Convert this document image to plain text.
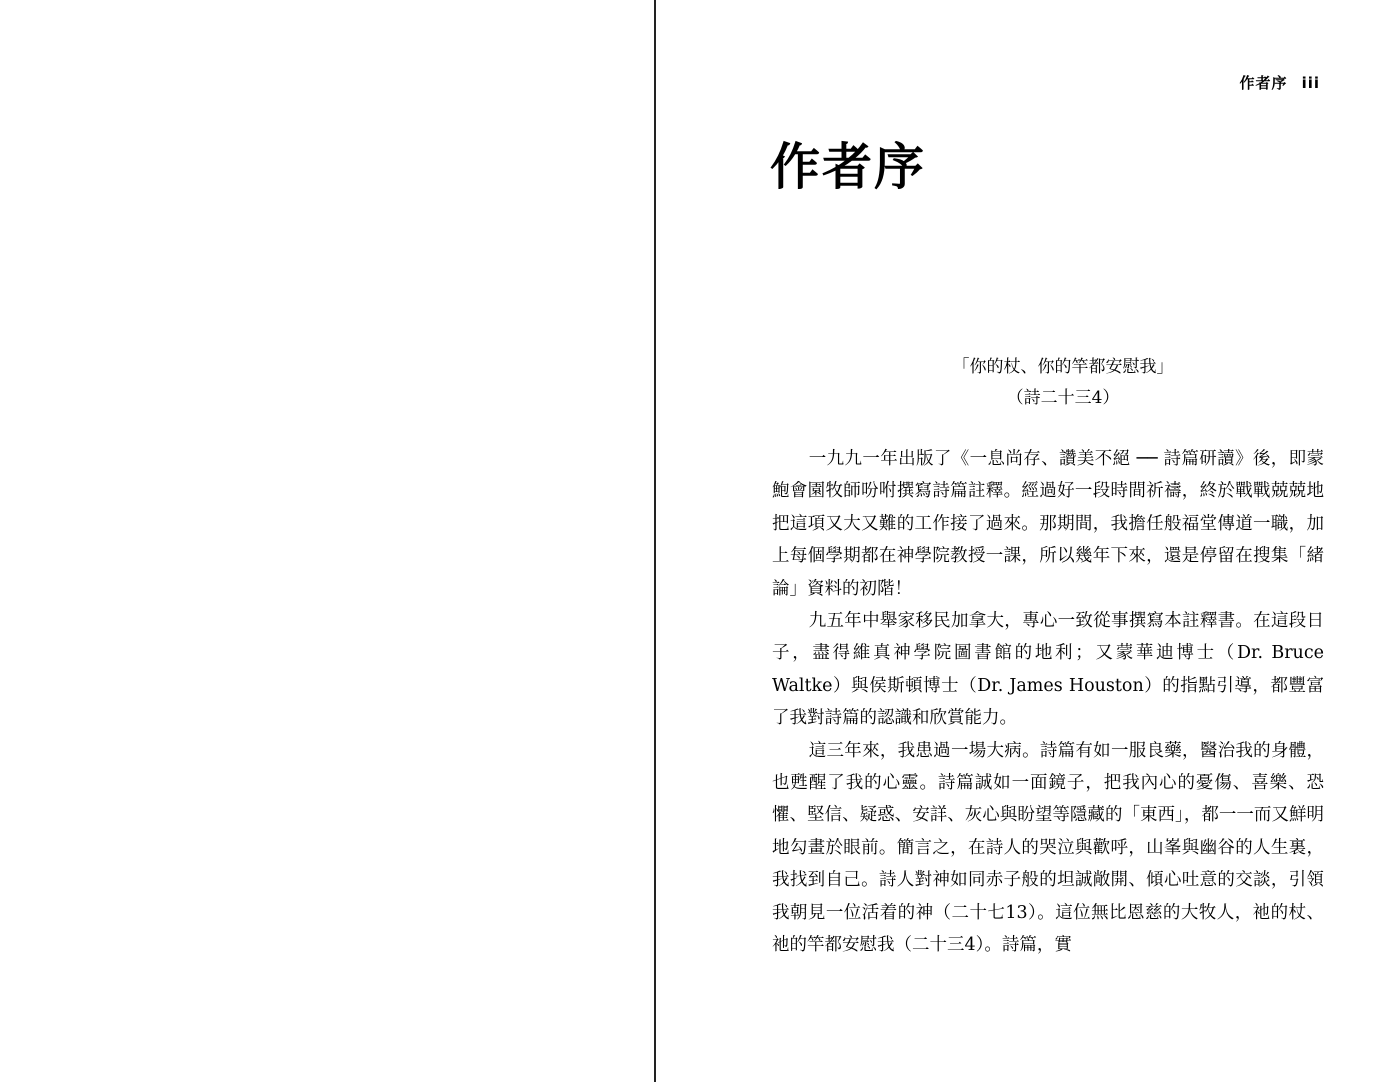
作者序 iii
作者序
「你的杖、你的竿都安慰我」
（詩二十三4）

一九九一年出版了《一息尚存、讚美不絕 ── 詩篇研讀》後，即蒙鮑會園牧師吩咐撰寫詩篇註釋。經過好一段時間祈禱，終於戰戰兢兢地把這項又大又難的工作接了過來。那期間，我擔任般福堂傳道一職，加上每個學期都在神學院教授一課，所以幾年下來，還是停留在搜集「緒論」資料的初階！

九五年中舉家移民加拿大，專心一致從事撰寫本註釋書。在這段日子，盡得維真神學院圖書館的地利；又蒙華迪博士（Dr. Bruce Waltke）與侯斯頓博士（Dr. James Houston）的指點引導，都豐富了我對詩篇的認識和欣賞能力。

這三年來，我患過一場大病。詩篇有如一服良藥，醫治我的身體，也甦醒了我的心靈。詩篇誠如一面鏡子，把我內心的憂傷、喜樂、恐懼、堅信、疑惑、安詳、灰心與盼望等隱藏的「東西」，都一一而又鮮明地勾畫於眼前。簡言之，在詩人的哭泣與歡呼，山峯與幽谷的人生裏，我找到自己。詩人對神如同赤子般的坦誠敞開、傾心吐意的交談，引領我朝見一位活着的神（二十七13）。這位無比恩慈的大牧人，祂的杖、祂的竿都安慰我（二十三4）。詩篇，實
